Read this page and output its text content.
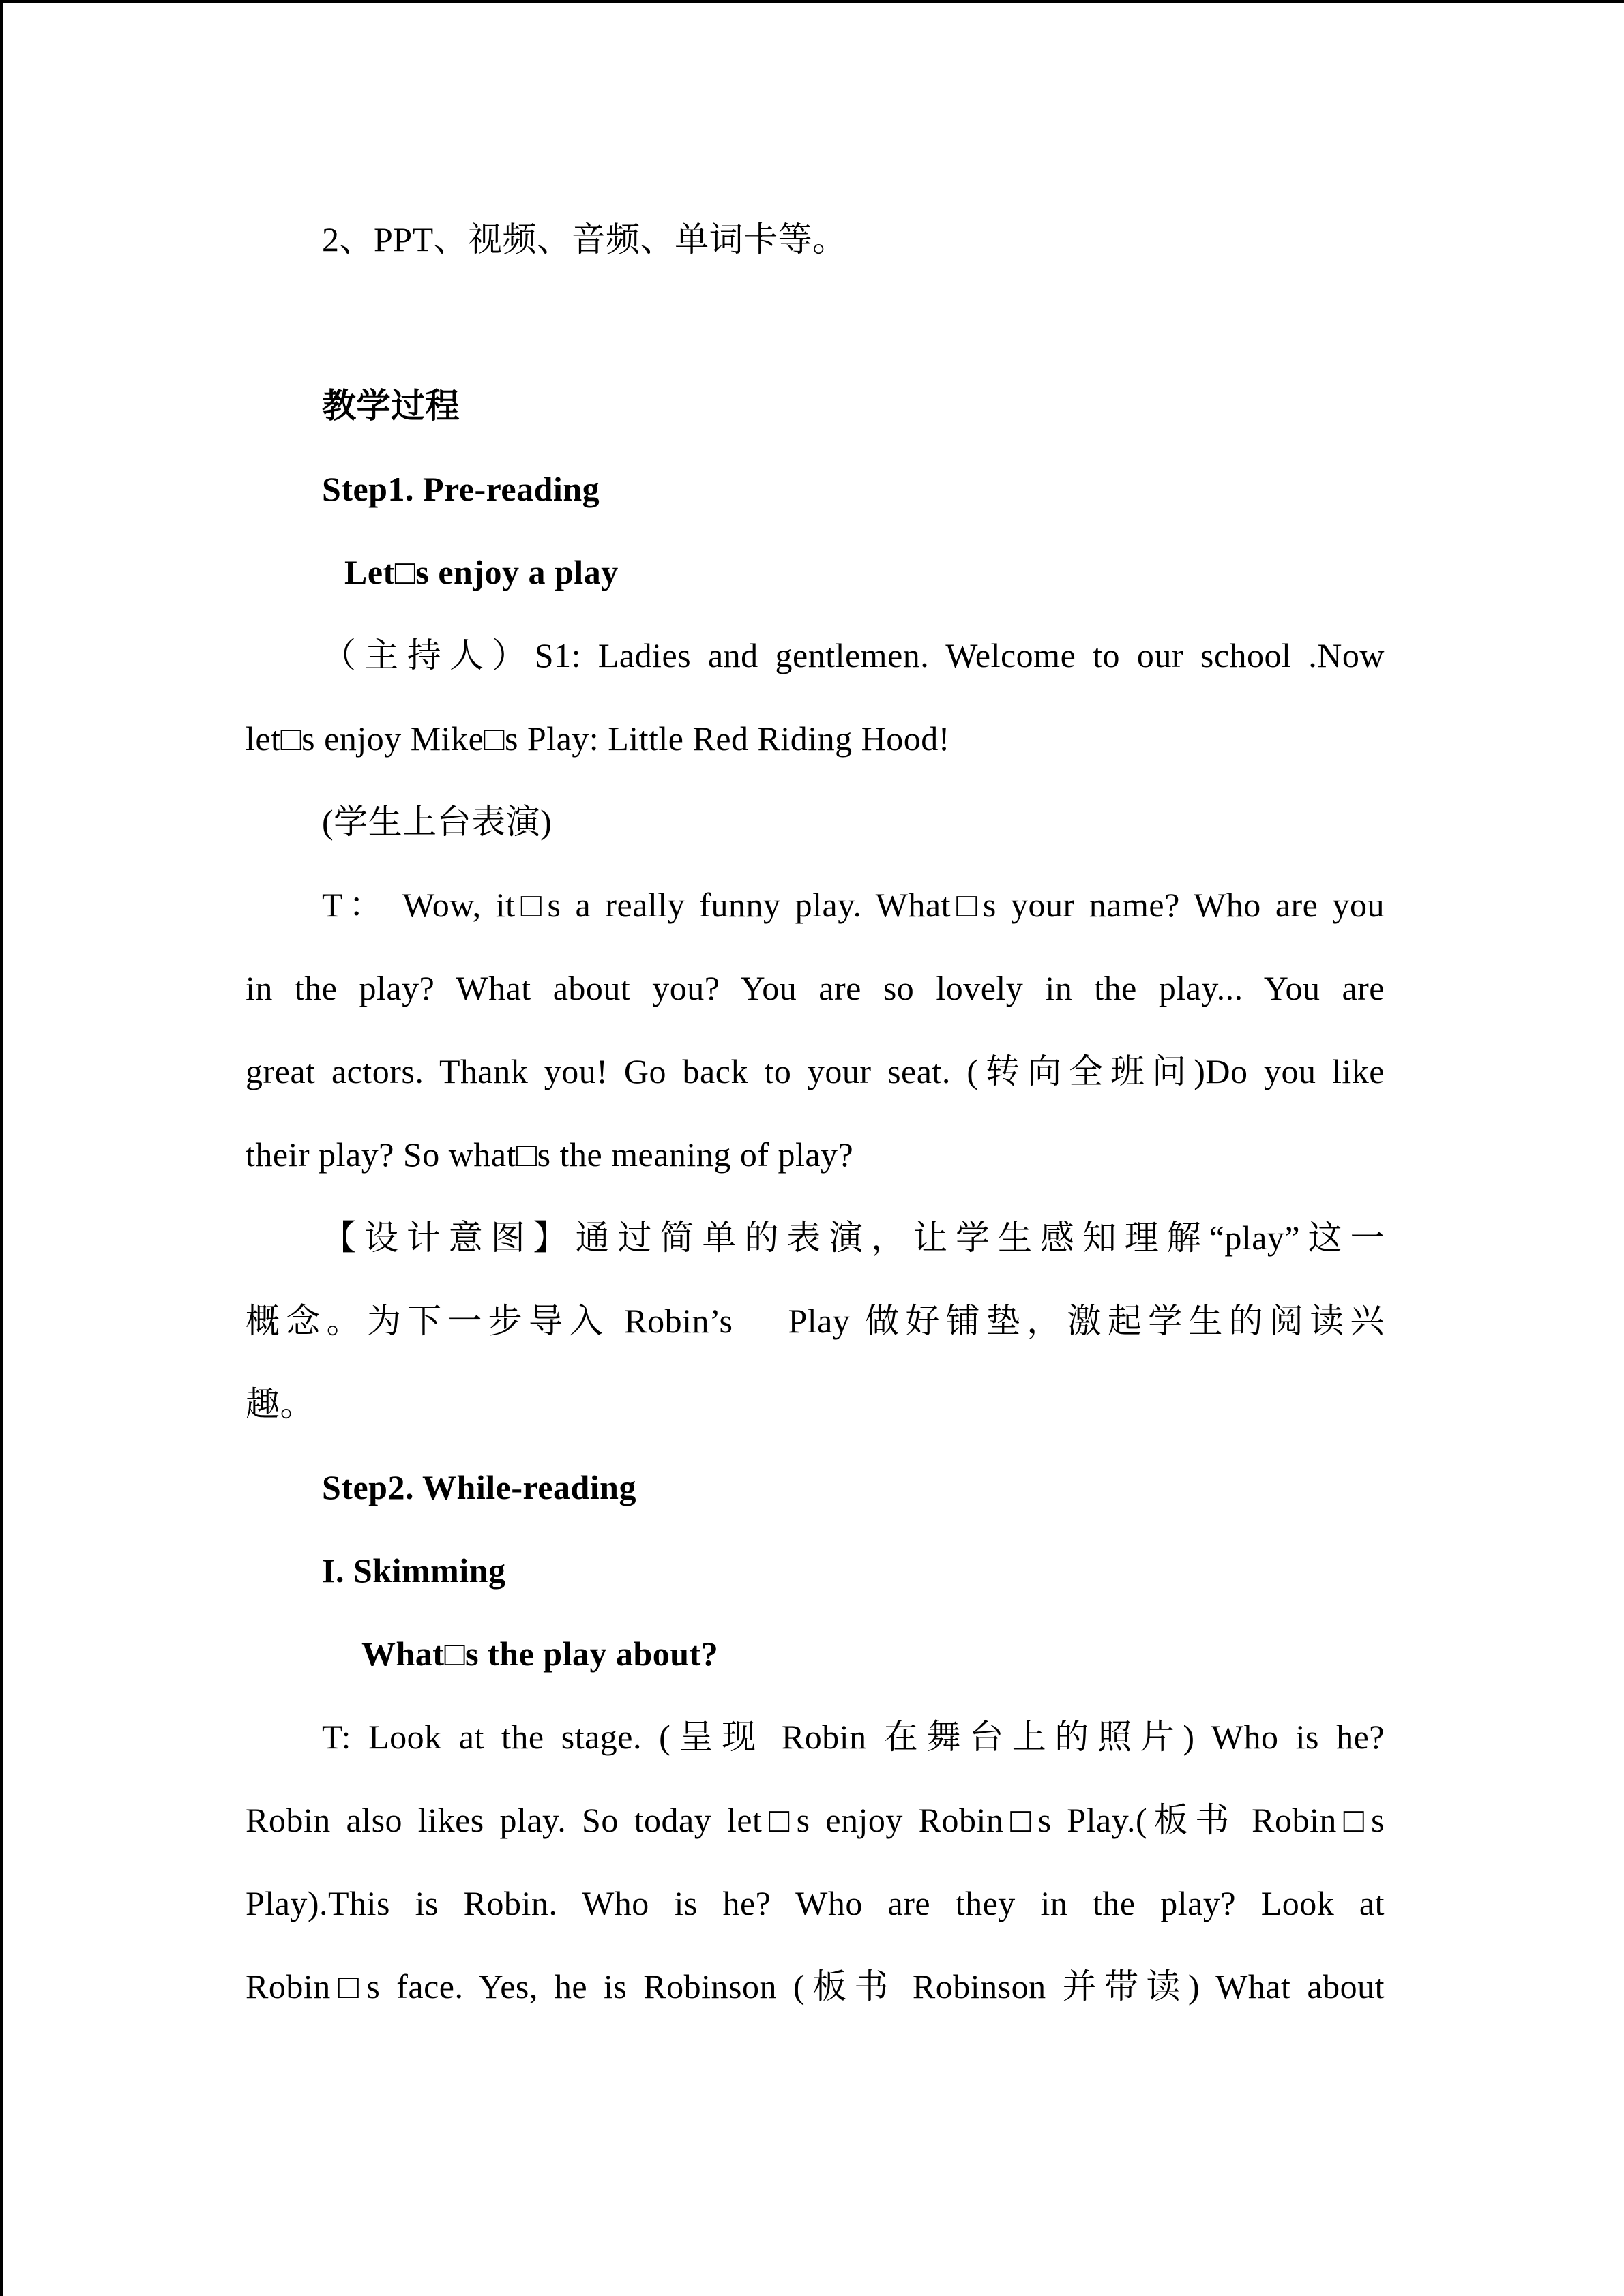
2、PPT、视频、音频、单词卡等。
教学过程
Step1. Pre-reading
Let□s enjoy a play
（主持人）S1: Ladies and gentlemen. Welcome to our school .Now
let□s enjoy Mike□s Play: Little Red Riding Hood!
(学生上台表演)
T： Wow, it□s a really funny play. What□s your name? Who are you
in the play? What about you? You are so lovely in the play... You are
great actors. Thank you! Go back to your seat. (转向全班问)Do you like
their play? So what□s the meaning of play?
【设计意图】通过简单的表演，让学生感知理解“play”这一
概念。为下一步导入 Robin’s 　Play 做好铺垫，激起学生的阅读兴
趣。
Step2. While-reading
I. Skimming
What□s the play about?
T: Look at the stage. (呈现 Robin 在舞台上的照片) Who is he?
Robin also likes play. So today let□s enjoy Robin□s Play.(板书 Robin□s
Play).This is Robin. Who is he? Who are they in the play? Look at
Robin□s face. Yes, he is Robinson (板书 Robinson 并带读) What about
